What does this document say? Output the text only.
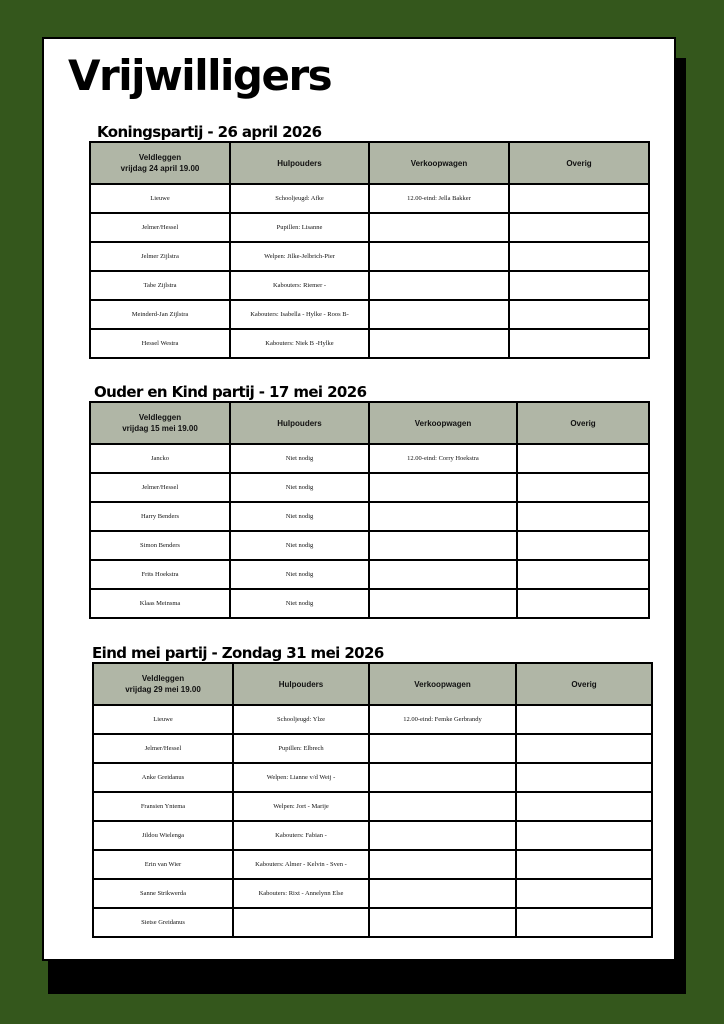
Vrijwilligers
Koningspartij - 26 april 2026
Veldleggen
vrijdag 24 april 19.00	Hulpouders	Verkoopwagen	Overig
Lieuwe	Schooljeugd: Afke	12.00-eind: Jella Bakker	
Jelmer/Hessel	Pupillen: Lisanne		
Jelmer Zijlstra	Welpen: Jilke-Jelbrich-Pier		
Tabe Zijlstra	Kabouters: Riemer -		
Meinderd-Jan Zijlstra	Kabouters: Isabella - Hylke - Roos B-		
Hessel Westra	Kabouters: Niek B -Hylke		
Ouder en Kind partij - 17 mei 2026
Veldleggen
vrijdag 15 mei 19.00	Hulpouders	Verkoopwagen	Overig
Jancko	Niet nodig	12.00-eind: Corry Hoekstra	
Jelmer/Hessel	Niet nodig		
Harry Benders	Niet nodig		
Simon Benders	Niet nodig		
Frits Hoekstra	Niet nodig		
Klaas Meinsma	Niet nodig		
Eind mei partij - Zondag 31 mei 2026
Veldleggen
vrijdag 29 mei 19.00	Hulpouders	Verkoopwagen	Overig
Lieuwe	Schooljeugd: Ylze	12.00-eind: Femke Gerbrandy	
Jelmer/Hessel	Pupillen: Elbrech		
Anke Greidanus	Welpen: Lianne v/d Weij -		
Fransien Yntema	Welpen: Jort - Marije		
Jildou Wielenga	Kabouters: Fabian -		
Erin van Wier	Kabouters: Almer - Kelvin - Sven -		
Sanne Strikwerda	Kabouters: Rixt - Annelynn Else		
Sietse Greidanus			
